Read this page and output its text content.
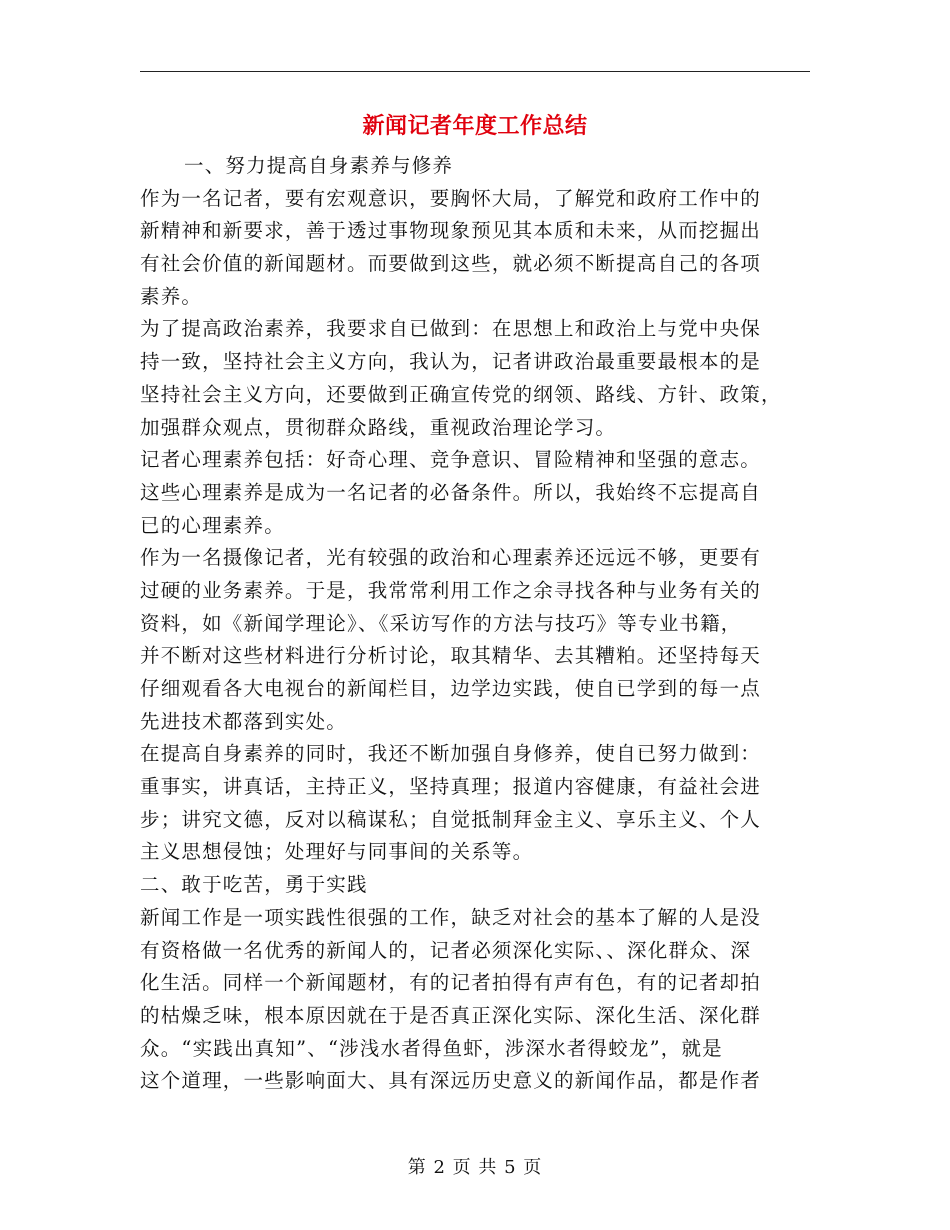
新闻记者年度工作总结
一、努力提高自身素养与修养
作为一名记者，要有宏观意识，要胸怀大局，了解党和政府工作中的
新精神和新要求，善于透过事物现象预见其本质和未来，从而挖掘出
有社会价值的新闻题材。而要做到这些，就必须不断提高自己的各项
素养。
为了提高政治素养，我要求自已做到：在思想上和政治上与党中央保
持一致，坚持社会主义方向，我认为，记者讲政治最重要最根本的是
坚持社会主义方向，还要做到正确宣传党的纲领、路线、方针、政策，
加强群众观点，贯彻群众路线，重视政治理论学习。
记者心理素养包括：好奇心理、竞争意识、冒险精神和坚强的意志。
这些心理素养是成为一名记者的必备条件。所以，我始终不忘提高自
已的心理素养。
作为一名摄像记者，光有较强的政治和心理素养还远远不够，更要有
过硬的业务素养。于是，我常常利用工作之余寻找各种与业务有关的
资料，如《新闻学理论》、《采访写作的方法与技巧》等专业书籍，
并不断对这些材料进行分析讨论，取其精华、去其糟粕。还坚持每天
仔细观看各大电视台的新闻栏目，边学边实践，使自已学到的每一点
先进技术都落到实处。
在提高自身素养的同时，我还不断加强自身修养，使自已努力做到：
重事实，讲真话，主持正义，坚持真理；报道内容健康，有益社会进
步；讲究文德，反对以稿谋私；自觉抵制拜金主义、享乐主义、个人
主义思想侵蚀；处理好与同事间的关系等。
二、敢于吃苦，勇于实践
新闻工作是一项实践性很强的工作，缺乏对社会的基本了解的人是没
有资格做一名优秀的新闻人的，记者必须深化实际、、深化群众、深
化生活。同样一个新闻题材，有的记者拍得有声有色，有的记者却拍
的枯燥乏味，根本原因就在于是否真正深化实际、深化生活、深化群
众。“实践出真知”、“涉浅水者得鱼虾，涉深水者得蛟龙”，就是
这个道理，一些影响面大、具有深远历史意义的新闻作品，都是作者
第 2 页 共 5 页
